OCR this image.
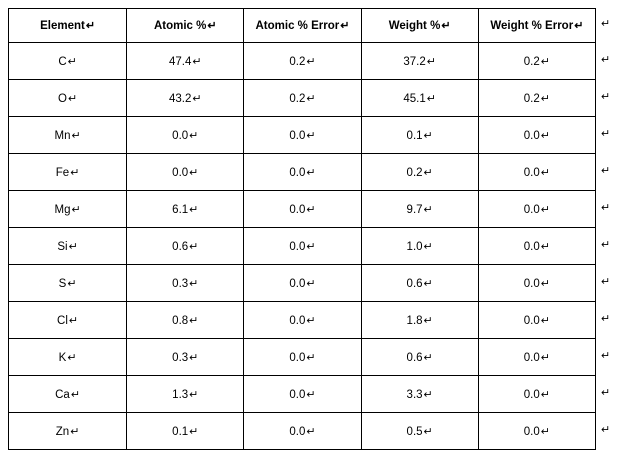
Element↵	Atomic %↵	Atomic % Error↵	Weight %↵	Weight % Error↵
C↵	47.4↵	0.2↵	37.2↵	0.2↵
O↵	43.2↵	0.2↵	45.1↵	0.2↵
Mn↵	0.0↵	0.0↵	0.1↵	0.0↵
Fe↵	0.0↵	0.0↵	0.2↵	0.0↵
Mg↵	6.1↵	0.0↵	9.7↵	0.0↵
Si↵	0.6↵	0.0↵	1.0↵	0.0↵
S↵	0.3↵	0.0↵	0.6↵	0.0↵
Cl↵	0.8↵	0.0↵	1.8↵	0.0↵
K↵	0.3↵	0.0↵	0.6↵	0.0↵
Ca↵	1.3↵	0.0↵	3.3↵	0.0↵
Zn↵	0.1↵	0.0↵	0.5↵	0.0↵
↵
↵
↵
↵
↵
↵
↵
↵
↵
↵
↵
↵
